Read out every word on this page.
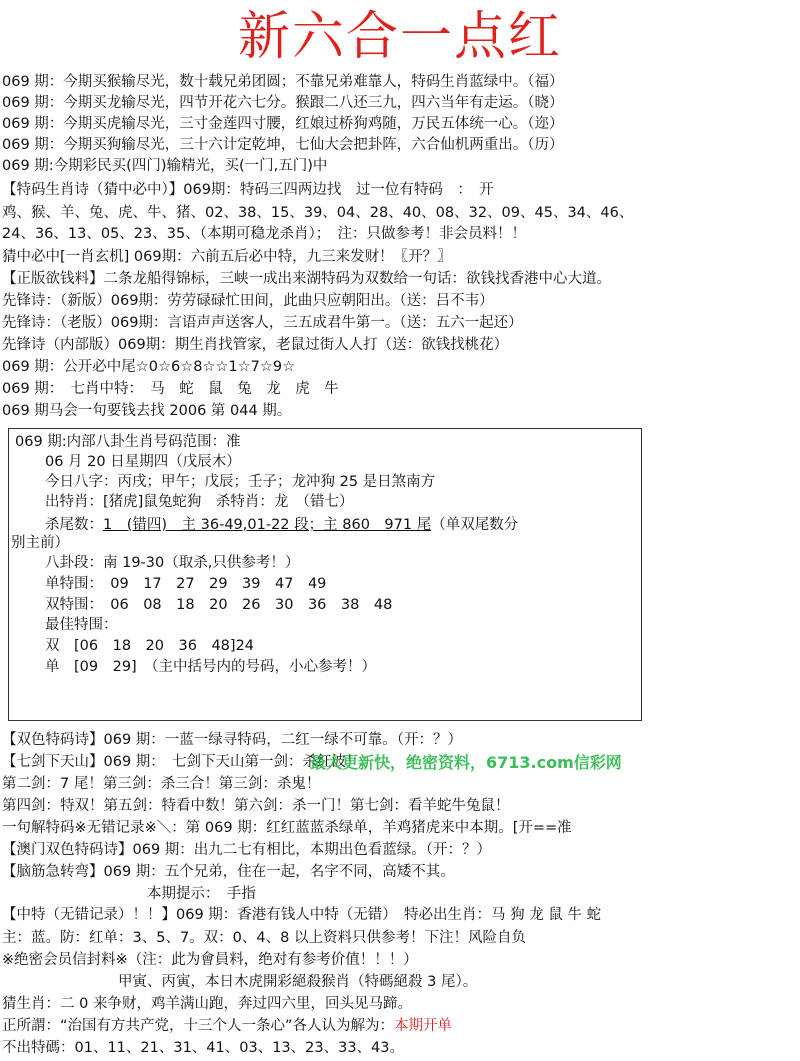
新六合一点红
069 期：今期买猴输尽光，数十载兄弟团圆；不靠兄弟难靠人，特码生肖蓝绿中。（福）
069 期：今期买龙输尽光，四节开花六七分。猴跟二八还三九，四六当年有走运。（晓）
069 期：今期买虎输尽光，三寸金莲四寸腰，红娘过桥狗鸡随，万民五体统一心。（迩）
069 期：今期买狗输尽光，三十六计定乾坤，七仙大会把卦阵，六合仙机两重出。（历）
069 期:今期彩民买(四门)输精光，买(一门,五门)中
【特码生肖诗（猜中必中）】069期：特码三四两边找　过一位有特码　：　开
鸡、猴、羊、兔、虎、牛、猪、02、38、15、39、04、28、40、08、32、09、45、34、46、
24、36、13、05、23、35、（本期可稳龙杀肖）；　注：只做参考！非会员料！！
猜中必中[一肖玄机] 069期：六前五后必中特，九三来发财！〖开？〗
【正版欲钱料】二条龙船得锦标，三峡一成出来湖特码为双数给一句话：欲钱找香港中心大道。
先锋诗：（新版）069期：劳劳碌碌忙田间，此曲只应朝阳出。（送：吕不韦）
先锋诗：（老版）069期：言语声声送客人，三五成君牛第一。（送：五六一起还）
先锋诗（内部版）069期：期生肖找管家，老鼠过街人人打（送：欲钱找桃花）
069 期：公开必中尾☆0☆6☆8☆☆1☆7☆9☆
069 期：　七肖中特：　马　蛇　鼠　兔　龙　虎　牛
069 期马会一句要钱去找 2006 第 044 期。
069 期:内部八卦生肖号码范围：准
06 月 20 日星期四（戊辰木）
今日八字：丙戌；甲午；戊辰；壬子；龙冲狗 25 是日煞南方
出特肖：[猪虎]鼠兔蛇狗　杀特肖：龙　（错七）
杀尾数：1　(错四)　主 36-49,01-22 段；主 860　971 尾（单双尾数分
别主前）
八卦段：南 19-30（取杀,只供参考！）
单特围：　09　17　27　29　39　47　49
双特围：　06　08　18　20　26　30　36　38　48
最佳特围：
双　[06　18　20　36　48]24
单　[09　29]　（主中括号内的号码，小心参考！）
【双色特码诗】069 期：一蓝一绿寻特码，二红一绿不可靠。（开：？）
【七剑下天山】069 期：　七剑下天山第一剑：杀红波！
第二剑：7 尾！第三剑：杀三合！第三剑：杀鬼！
第四剑：特双！第五剑：特看中数！第六剑：杀一门！第七剑：看羊蛇牛兔鼠！
一句解特码※无错记录※＼：第 069 期：红红蓝蓝杀绿单，羊鸡猪虎来中本期。[开==准
【澳门双色特码诗】069 期：出九二七有相比，本期出色看蓝绿。（开：？）
【脑筋急转弯】069 期：五个兄弟，住在一起，名字不同，高矮不其。
　　　　　　　　　　本期提示：　手指
【中特（无错记录）！！】069 期：香港有钱人中特（无错）　特必出生肖：马 狗 龙 鼠 牛 蛇
主：蓝。防：红单：3、5、7。双：0、4、8 以上资料只供参考！下注！风险自负
※绝密会员信封料※（注：此为會員料，绝对有参考价值！！！）
　　　　　　　　甲寅、丙寅，本日木虎開彩絕殺猴肖（特碼絕殺 3 尾）。
猜生肖：二 0 来争财，鸡羊满山跑，奔过四六里，回头见马蹄。
正所謂：“治国有方共产党，十三个人一条心”各人认为解为：本期开单
不出特碼：01、11、21、31、41、03、13、23、33、43。
最大更新快，绝密资料，6713.com信彩网
